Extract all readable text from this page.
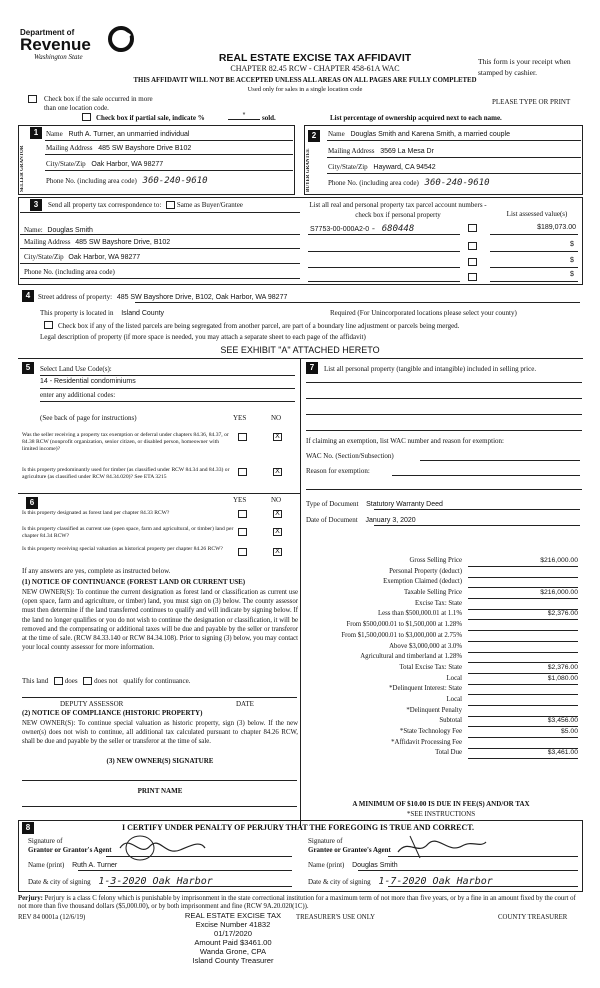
Department of
Revenue
Washington State	REAL ESTATE EXCISE TAX AFFIDAVIT
CHAPTER 82.45 RCW - CHAPTER 458-61A WAC
This form is your receipt when stamped by cashier.
THIS AFFIDAVIT WILL NOT BE ACCEPTED UNLESS ALL AREAS ON ALL PAGES ARE FULLY COMPLETED
Used only for sales in a single location code
Check box if the sale occurred in more than one location code.
PLEASE TYPE OR PRINT
Check box if partial sale, indicate %	*	sold.	List percentage of ownership acquired next to each name.
1
SELLER GRANTOR
Name Ruth A. Turner, an unmarried individual
Mailing Address 485 SW Bayshore Drive B102
City/State/Zip Oak Harbor, WA 98277
Phone No. (including area code) 360-240-9610
2
BUYER GRANTEE
Name Douglas Smith and Karena Smith, a married couple
Mailing Address 3569 La Mesa Dr
City/State/Zip Hayward, CA 94542
Phone No. (including area code) 360-240-9610
3	Send all property tax correspondence to: Same as Buyer/Grantee
Name: Douglas Smith
Mailing Address 485 SW Bayshore Drive, B102
City/State/Zip Oak Harbor, WA 98277
Phone No. (including area code)
List all real and personal property tax parcel account numbers - check box if personal property	List assessed value(s)
S7753-00-000A2-0 - 680448	$189,073.00
$
$
$
4	Street address of property: 485 SW Bayshore Drive, B102, Oak Harbor, WA 98277
This property is located in Island County	Required (For Unincorporated locations please select your county)
Check box if any of the listed parcels are being segregated from another parcel, are part of a boundary line adjustment or parcels being merged.
Legal description of property (if more space is needed, you may attach a separate sheet to each page of the affidavit)
SEE EXHIBIT "A" ATTACHED HERETO
5	Select Land Use Code(s):
14 - Residential condominiums
enter any additional codes:
(See back of page for instructions)	YES	NO
Was the seller receiving a property tax exemption or deferral under chapters 84.36, 84.37, or 84.38 RCW (nonprofit organization, senior citizen, or disabled person, homeowner with limited income)?
X
Is this property predominantly used for timber (as classified under RCW 84.34 and 84.33) or agriculture (as classified under RCW 84.34.020)? See ETA 3215
X
6	YES	NO
Is this property designated as forest land per chapter 84.33 RCW?	X
Is this property classified as current use (open space, farm and agricultural, or timber) land per chapter 84.34 RCW?
X
Is this property receiving special valuation as historical property per chapter 84.26 RCW?	X
If any answers are yes, complete as instructed below.
(1) NOTICE OF CONTINUANCE (FOREST LAND OR CURRENT USE)
NEW OWNER(S): To continue the current designation as forest land or classification as current use (open space, farm and agriculture, or timber) land, you must sign on (3) below. The county assessor must then determine if the land transferred continues to qualify and will indicate by signing below. If the land no longer qualifies or you do not wish to continue the designation or classification, it will be removed and the compensating or additional taxes will be due and payable by the seller or transferor at the time of sale. (RCW 84.33.140 or RCW 84.34.108). Prior to signing (3) below, you may contact your local county assessor for more information.
This land does does not qualify for continuance.
DEPUTY ASSESSOR	DATE
(2) NOTICE OF COMPLIANCE (HISTORIC PROPERTY)
NEW OWNER(S): To continue special valuation as historic property, sign (3) below. If the new owner(s) does not wish to continue, all additional tax calculated pursuant to chapter 84.26 RCW, shall be due and payable by the seller or transferor at the time of sale.
(3) NEW OWNER(S) SIGNATURE
PRINT NAME
7	List all personal property (tangible and intangible) included in selling price.
If claiming an exemption, list WAC number and reason for exemption:
WAC No. (Section/Subsection)
Reason for exemption:
Type of Document Statutory Warranty Deed
Date of Document January 3, 2020
Gross Selling Price	$216,000.00
Personal Property (deduct)
Exemption Claimed (deduct)
Taxable Selling Price	$216,000.00
Excise Tax: State
Less than $500,000.01 at 1.1%	$2,376.00
From $500,000.01 to $1,500,000 at 1.28%
From $1,500,000.01 to $3,000,000 at 2.75%
Above $3,000,000 at 3.0%
Agricultural and timberland at 1.28%
Total Excise Tax: State	$2,376.00
Local	$1,080.00
*Delinquent Interest: State
Local
*Delinquent Penalty
Subtotal	$3,456.00
*State Technology Fee	$5.00
*Affidavit Processing Fee
Total Due	$3,461.00
A MINIMUM OF $10.00 IS DUE IN FEE(S) AND/OR TAX
*SEE INSTRUCTIONS
8	I CERTIFY UNDER PENALTY OF PERJURY THAT THE FOREGOING IS TRUE AND CORRECT.
Signature of
Grantor or Grantor's Agent
Name (print) Ruth A. Turner
Date & city of signing 1-3-2020 Oak Harbor
Signature of
Grantee or Grantee's Agent
Name (print) Douglas Smith
Date & city of signing 1-7-2020 Oak Harbor
Perjury: Perjury is a class C felony which is punishable by imprisonment in the state correctional institution for a maximum term of not more than five years, or by a fine in an amount fixed by the court of not more than five thousand dollars ($5,000.00), or by both imprisonment and fine (RCW 9A.20.020(1C)).
REV 84 0001a (12/6/19)	TREASURER'S USE ONLY	COUNTY TREASURER
REAL ESTATE EXCISE TAX
Excise Number 41832
01/17/2020
Amount Paid $3461.00
Wanda Grone, CPA
Island County Treasurer
